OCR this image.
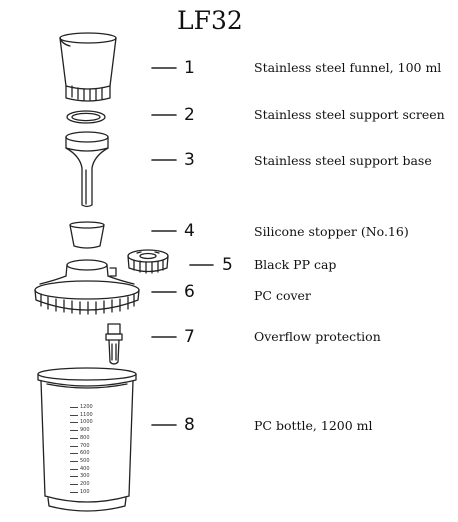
LF32
1200
1100
1000
900
800
700
600
500
400
300
200
100
1
2
3
4
5
6
7
8
Stainless steel funnel, 100 ml
Stainless steel support screen
Stainless steel support base
Silicone stopper (No.16)
Black PP cap
PC cover
Overflow protection
PC bottle, 1200 ml
